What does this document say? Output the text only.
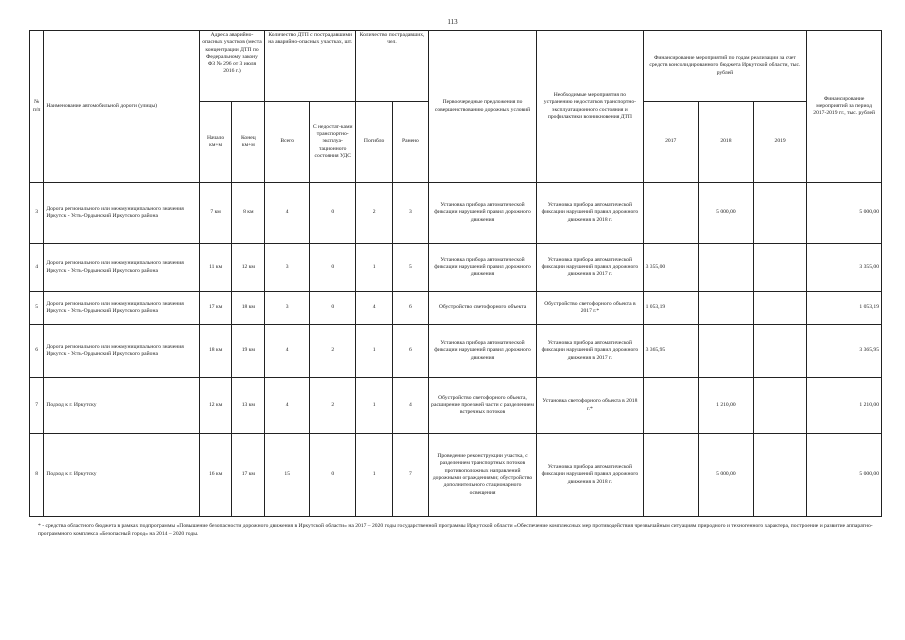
113
№ п/п	Наименование автомобильной дороги (улицы)	Адреса аварийно-опасных участков (места концентрации ДТП по Федеральному закону ФЗ № 296 от 3 июля 2016 г.)		Количество ДТП с пострадавшими на аварийно-опасных участках, шт.		Количество пострадавших, чел.		Первоочередные предложения по совершенствованию дорожных условий	Необходимые мероприятия по устранению недостатков транспортно-эксплуатационного состояния и профилактики возникновения ДТП	Финансирование мероприятий по годам реализации за счет средств консолидированного бюджета Иркутской области, тыс. рублей			Финансирование мероприятий за период 2017-2019 гг., тыс. рублей
		Начало км+м	Конец км+м	Всего	С недостат-ками транспортно-эксплуа-тационного состояния УДС	Погибло	Ранено			2017	2018	2019	
3	Дорога регионального или межмуниципального значения Иркутск - Усть-Ордынский Иркутского района	7 км	8 км	4	0	2	3	Установка прибора автоматической фиксации нарушений правил дорожного движения	Установка прибора автоматической фиксации нарушений правил дорожного движения в 2018 г.		5 000,00		5 000,00
4	Дорога регионального или межмуниципального значения Иркутск - Усть-Ордынский Иркутского района	11 км	12 км	3	0	1	5	Установка прибора автоматической фиксации нарушений правил дорожного движения	Установка прибора автоматической фиксации нарушений правил дорожного движения в 2017 г.	3 355,00			3 355,00
5	Дорога регионального или межмуниципального значения Иркутск - Усть-Ордынский Иркутского района	17 км	18 км	3	0	4	6	Обустройство светофорного объекта	Обустройство светофорного объекта в 2017 г.*	1 053,19			1 053,19
6	Дорога регионального или межмуниципального значения Иркутск - Усть-Ордынский Иркутского района	18 км	19 км	4	2	1	6	Установка прибора автоматической фиксации нарушений правил дорожного движения	Установка прибора автоматической фиксации нарушений правил дорожного движения в 2017 г.	3 365,95			3 365,95
7	Подход к г. Иркутску	12 км	13 км	4	2	1	4	Обустройство светофорного объекта, расширение проезжей части с разделением встречных потоков	Установка светофорного объекта в 2018 г.*		1 210,00		1 210,00
8	Подход к г. Иркутску	16 км	17 км	15	0	1	7	Проведение реконструкции участка, с разделением транспортных потоков противоположных направлений дорожными ограждениями; обустройство дополнительного стационарного освещения	Установка прибора автоматической фиксации нарушений правил дорожного движения в 2018 г.		5 000,00		5 000,00
* - средства областного бюджета в рамках подпрограммы «Повышение безопасности дорожного движения в Иркутской области» на 2017 – 2020 годы государственной программы Иркутской области «Обеспечение комплексных мер противодействия чрезвычайным ситуациям природного и техногенного характера, построение и развитие аппаратно-программного комплекса «Безопасный город» на 2014 – 2020 годы.
